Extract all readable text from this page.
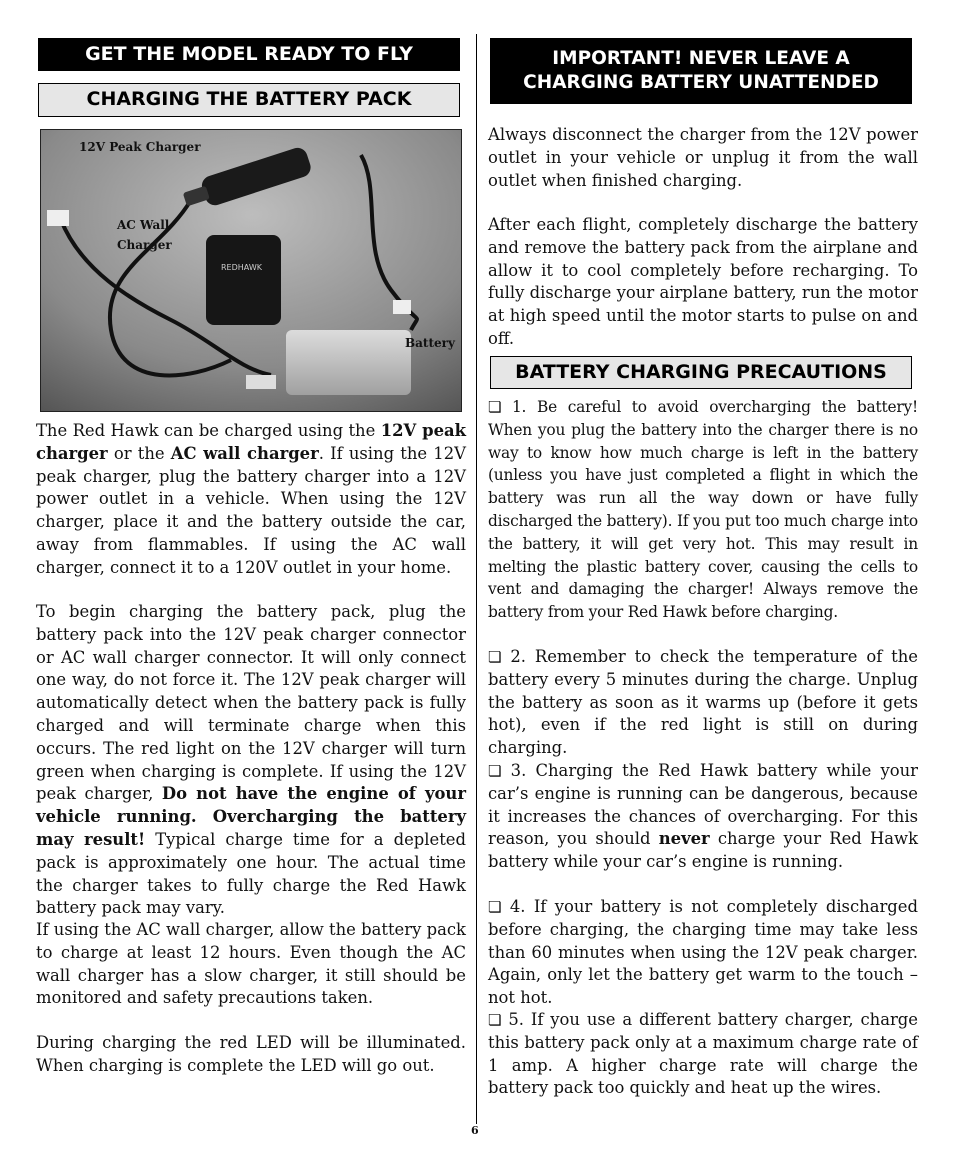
GET THE MODEL READY TO FLY
CHARGING THE BATTERY PACK
REDHAWK
12V Peak Charger
AC Wall
Charger
Battery

The Red Hawk can be charged using the 12V peak charger or the AC wall charger. If using the 12V peak charger, plug the battery charger into a 12V power outlet in a vehicle. When using the 12V charger, place it and the battery outside the car, away from flammables. If using the AC wall charger, connect it to a 120V outlet in your home.

To begin charging the battery pack, plug the battery pack into the 12V peak charger connector or AC wall charger connector. It will only connect one way, do not force it. The 12V peak charger will automatically detect when the battery pack is fully charged and will terminate charge when this occurs. The red light on the 12V charger will turn green when charging is complete. If using the 12V peak charger, Do not have the engine of your vehicle running. Overcharging the battery may result! Typical charge time for a depleted pack is approximately one hour. The actual time the charger takes to fully charge the Red Hawk battery pack may vary.

If using the AC wall charger, allow the battery pack to charge at least 12 hours. Even though the AC wall charger has a slow charger, it still should be monitored and safety precautions taken.

During charging the red LED will be illuminated. When charging is complete the LED will go out.

IMPORTANT! NEVER LEAVE A
CHARGING BATTERY UNATTENDED

Always disconnect the charger from the 12V power outlet in your vehicle or unplug it from the wall outlet when finished charging.

After each flight, completely discharge the battery and remove the battery pack from the airplane and allow it to cool completely before recharging. To fully discharge your airplane battery, run the motor at high speed until the motor starts to pulse on and off.

BATTERY CHARGING PRECAUTIONS

❏ 1. Be careful to avoid overcharging the battery! When you plug the battery into the charger there is no way to know how much charge is left in the battery (unless you have just completed a flight in which the battery was run all the way down or have fully discharged the battery). If you put too much charge into the battery, it will get very hot. This may result in melting the plastic battery cover, causing the cells to vent and damaging the charger! Always remove the battery from your Red Hawk before charging.

❏ 2. Remember to check the temperature of the battery every 5 minutes during the charge. Unplug the battery as soon as it warms up (before it gets hot), even if the red light is still on during charging.

❏ 3. Charging the Red Hawk battery while your car’s engine is running can be dangerous, because it increases the chances of overcharging. For this reason, you should never charge your Red Hawk battery while your car’s engine is running.

❏ 4. If your battery is not completely discharged before charging, the charging time may take less than 60 minutes when using the 12V peak charger. Again, only let the battery get warm to the touch – not hot.

❏ 5. If you use a different battery charger, charge this battery pack only at a maximum charge rate of 1 amp. A higher charge rate will charge the battery pack too quickly and heat up the wires.

6
